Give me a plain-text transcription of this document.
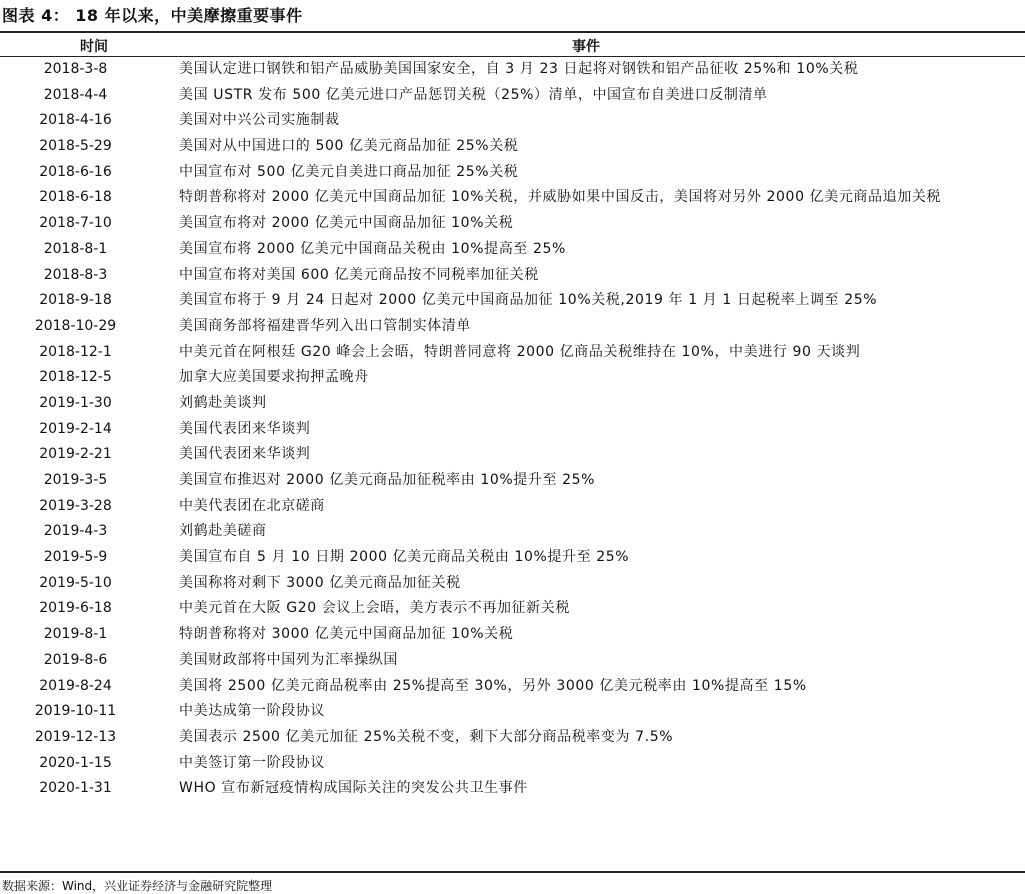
图表 4： 18 年以来，中美摩擦重要事件
时间	事件
2018-3-8	美国认定进口钢铁和铝产品威胁美国国家安全，自 3 月 23 日起将对钢铁和铝产品征收 25%和 10%关税
2018-4-4	美国 USTR 发布 500 亿美元进口产品惩罚关税（25%）清单，中国宣布自美进口反制清单
2018-4-16	美国对中兴公司实施制裁
2018-5-29	美国对从中国进口的 500 亿美元商品加征 25%关税
2018-6-16	中国宣布对 500 亿美元自美进口商品加征 25%关税
2018-6-18	特朗普称将对 2000 亿美元中国商品加征 10%关税，并威胁如果中国反击，美国将对另外 2000 亿美元商品追加关税
2018-7-10	美国宣布将对 2000 亿美元中国商品加征 10%关税
2018-8-1	美国宣布将 2000 亿美元中国商品关税由 10%提高至 25%
2018-8-3	中国宣布将对美国 600 亿美元商品按不同税率加征关税
2018-9-18	美国宣布将于 9 月 24 日起对 2000 亿美元中国商品加征 10%关税,2019 年 1 月 1 日起税率上调至 25%
2018-10-29	美国商务部将福建晋华列入出口管制实体清单
2018-12-1	中美元首在阿根廷 G20 峰会上会晤，特朗普同意将 2000 亿商品关税维持在 10%，中美进行 90 天谈判
2018-12-5	加拿大应美国要求拘押孟晚舟
2019-1-30	刘鹤赴美谈判
2019-2-14	美国代表团来华谈判
2019-2-21	美国代表团来华谈判
2019-3-5	美国宣布推迟对 2000 亿美元商品加征税率由 10%提升至 25%
2019-3-28	中美代表团在北京磋商
2019-4-3	刘鹤赴美磋商
2019-5-9	美国宣布自 5 月 10 日期 2000 亿美元商品关税由 10%提升至 25%
2019-5-10	美国称将对剩下 3000 亿美元商品加征关税
2019-6-18	中美元首在大阪 G20 会议上会晤，美方表示不再加征新关税
2019-8-1	特朗普称将对 3000 亿美元中国商品加征 10%关税
2019-8-6	美国财政部将中国列为汇率操纵国
2019-8-24	美国将 2500 亿美元商品税率由 25%提高至 30%，另外 3000 亿美元税率由 10%提高至 15%
2019-10-11	中美达成第一阶段协议
2019-12-13	美国表示 2500 亿美元加征 25%关税不变，剩下大部分商品税率变为 7.5%
2020-1-15	中美签订第一阶段协议
2020-1-31	WHO 宣布新冠疫情构成国际关注的突发公共卫生事件
数据来源：Wind，兴业证券经济与金融研究院整理
